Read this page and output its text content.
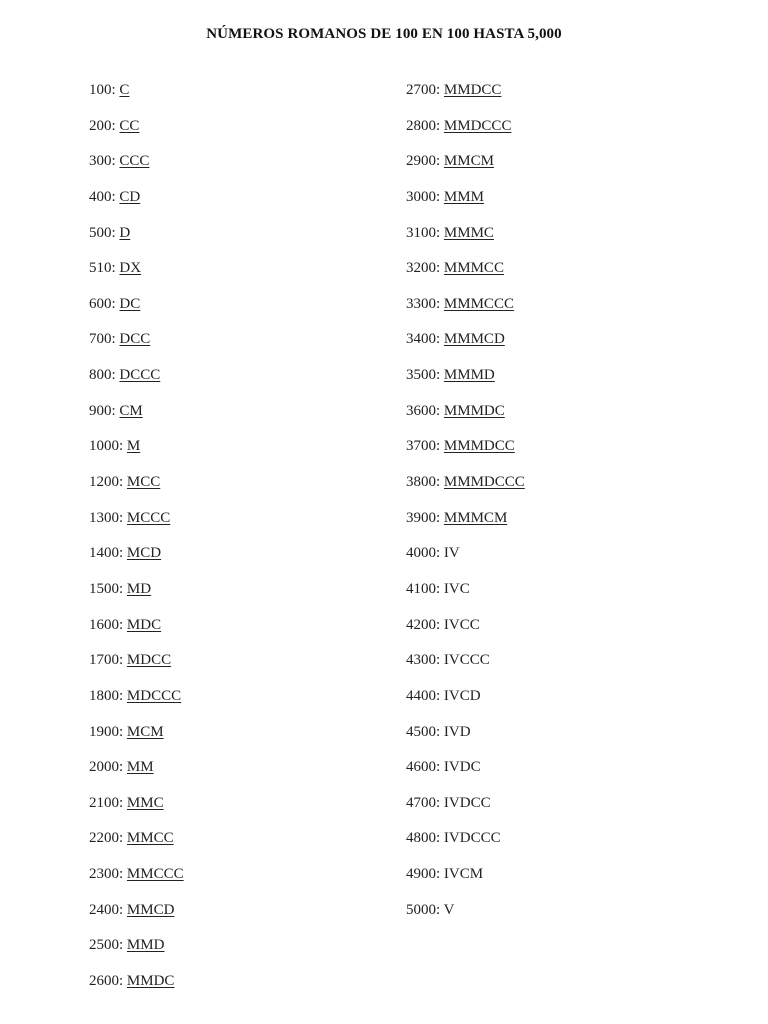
NÚMEROS ROMANOS DE 100 EN 100 HASTA 5,000
100: C
200: CC
300: CCC
400: CD
500: D
510: DX
600: DC
700: DCC
800: DCCC
900: CM
1000: M
1200: MCC
1300: MCCC
1400: MCD
1500: MD
1600: MDC
1700: MDCC
1800: MDCCC
1900: MCM
2000: MM
2100: MMC
2200: MMCC
2300: MMCCC
2400: MMCD
2500: MMD
2600: MMDC
2700: MMDCC
2800: MMDCCC
2900: MMCM
3000: MMM
3100: MMMC
3200: MMMCC
3300: MMMCCC
3400: MMMCD
3500: MMMD
3600: MMMDC
3700: MMMDCC
3800: MMMDCCC
3900: MMMCM
4000: IV
4100: IVC
4200: IVCC
4300: IVCCC
4400: IVCD
4500: IVD
4600: IVDC
4700: IVDCC
4800: IVDCCC
4900: IVCM
5000: V
